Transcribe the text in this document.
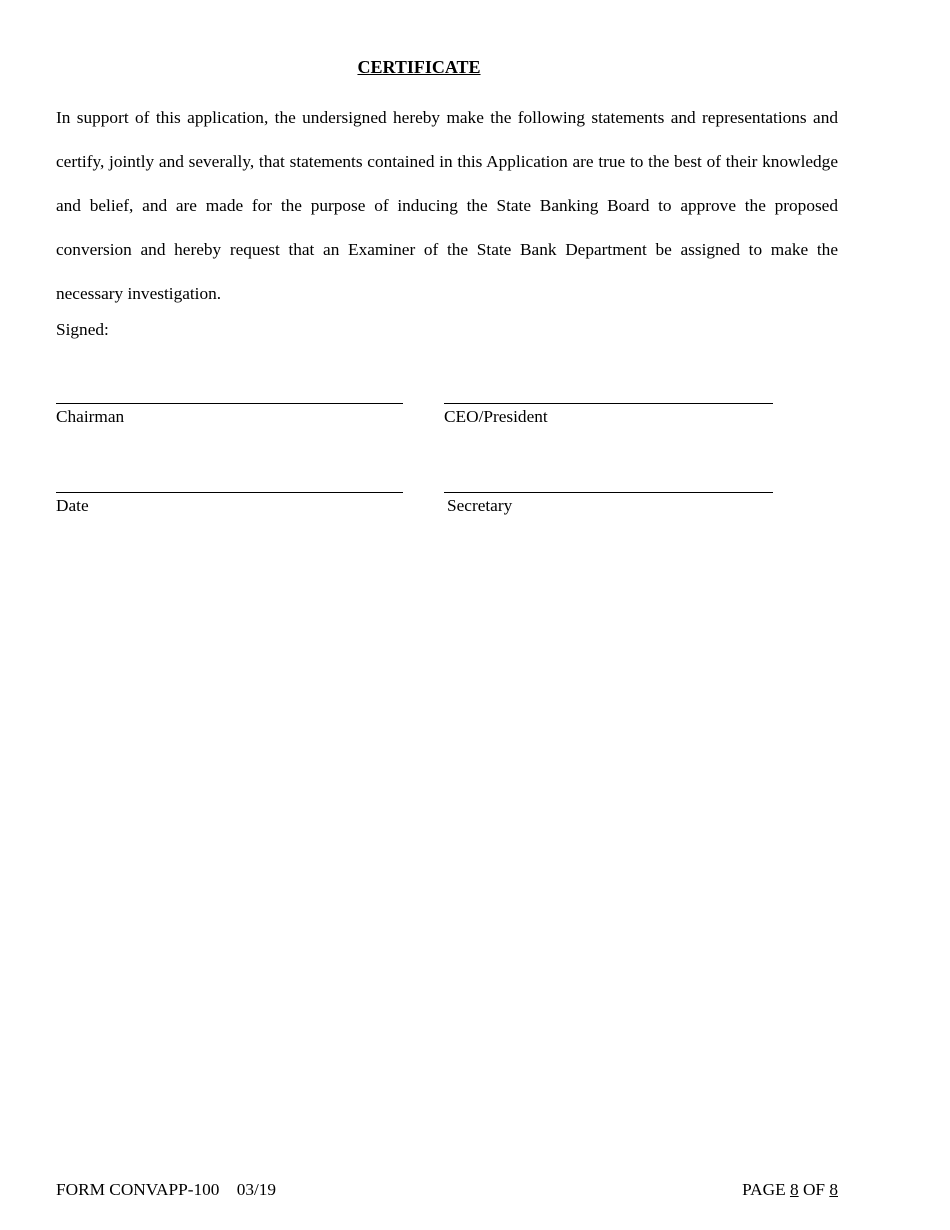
CERTIFICATE

In support of this application, the undersigned hereby make the following statements and representations and certify, jointly and severally, that statements contained in this Application are true to the best of their knowledge and belief, and are made for the purpose of inducing the State Banking Board to approve the proposed conversion and hereby request that an Examiner of the State Bank Department be assigned to make the necessary investigation.

Signed:
Chairman	CEO/President
Date	Secretary
FORM CONVAPP-100 03/19	PAGE 8 OF 8
